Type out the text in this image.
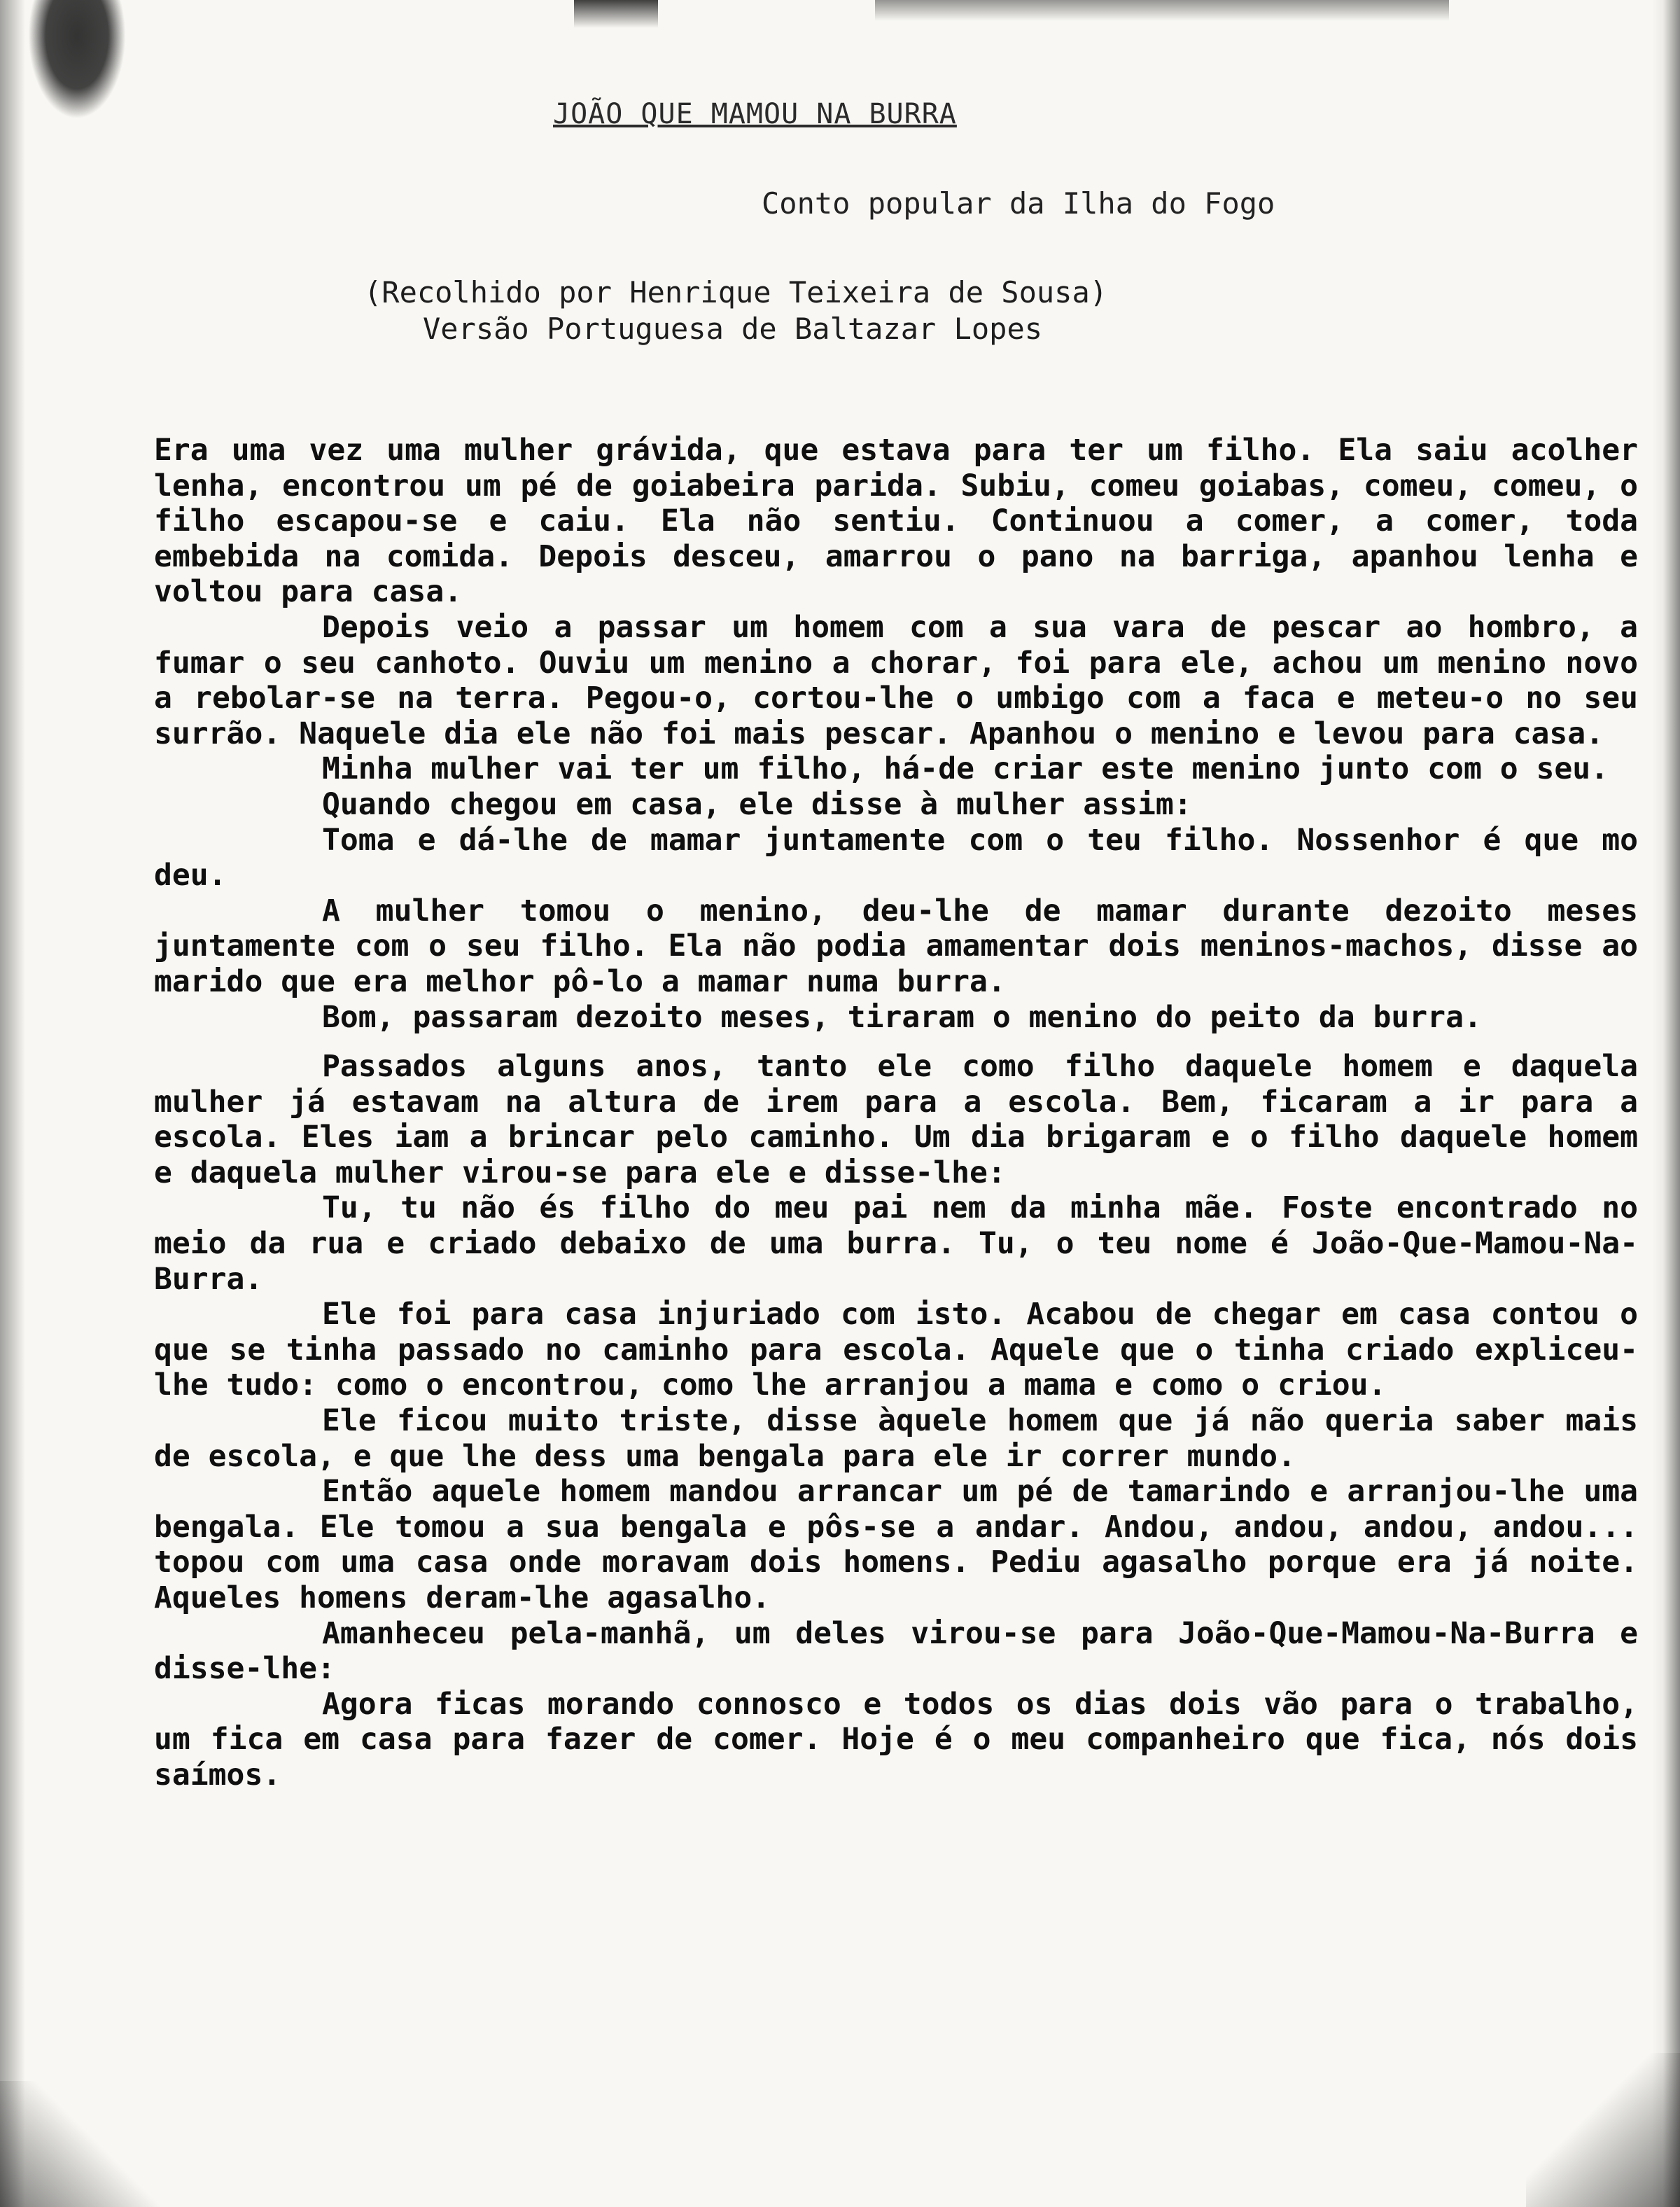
JOÃO QUE MAMOU NA BURRA
Conto popular da Ilha do Fogo
(Recolhido por Henrique Teixeira de Sousa)
Versão Portuguesa de Baltazar Lopes

Era uma vez uma mulher grávida, que estava para ter um filho. Ela saiu acolher lenha, encontrou um pé de goiabeira parida. Subiu, comeu goiabas, comeu, comeu, o filho escapou-se e caiu. Ela não sentiu. Continuou a comer, a comer, toda embebida na comida. Depois desceu, amarrou o pano na barriga, apanhou lenha e voltou para casa.

Depois veio a passar um homem com a sua vara de pescar ao hombro, a fumar o seu canhoto. Ouviu um menino a chorar, foi para ele, achou um menino novo a rebolar-se na terra. Pegou-o, cortou-lhe o umbigo com a faca e meteu-o no seu surrão. Naquele dia ele não foi mais pescar. Apanhou o menino e levou para casa.

Minha mulher vai ter um filho, há-de criar este menino junto com o seu.

Quando chegou em casa, ele disse à mulher assim:

Toma e dá-lhe de mamar juntamente com o teu filho. Nossenhor é que mo deu.

A mulher tomou o menino, deu-lhe de mamar durante dezoito meses juntamente com o seu filho. Ela não podia amamentar dois meninos-machos, disse ao marido que era melhor pô-lo a mamar numa burra.

Bom, passaram dezoito meses, tiraram o menino do peito da burra.

Passados alguns anos, tanto ele como filho daquele homem e daquela mulher já estavam na altura de irem para a escola. Bem, ficaram a ir para a escola. Eles iam a brincar pelo caminho. Um dia brigaram e o filho daquele homem e daquela mulher virou-se para ele e disse-lhe:

Tu, tu não és filho do meu pai nem da minha mãe. Foste encontrado no meio da rua e criado debaixo de uma burra. Tu, o teu nome é João-Que-Mamou-Na-Burra.

Ele foi para casa injuriado com isto. Acabou de chegar em casa contou o que se tinha passado no caminho para escola. Aquele que o tinha criado expliceu-lhe tudo: como o encontrou, como lhe arranjou a mama e como o criou.

Ele ficou muito triste, disse àquele homem que já não queria saber mais de escola, e que lhe dess uma bengala para ele ir correr mundo.

Então aquele homem mandou arrancar um pé de tamarindo e arranjou-lhe uma bengala. Ele tomou a sua bengala e pôs-se a andar. Andou, andou, andou, andou... topou com uma casa onde moravam dois homens. Pediu agasalho porque era já noite. Aqueles homens deram-lhe agasalho.

Amanheceu pela-manhã, um deles virou-se para João-Que-Mamou-Na-Burra e disse-lhe:

Agora ficas morando connosco e todos os dias dois vão para o trabalho, um fica em casa para fazer de comer. Hoje é o meu companheiro que fica, nós dois saímos.
